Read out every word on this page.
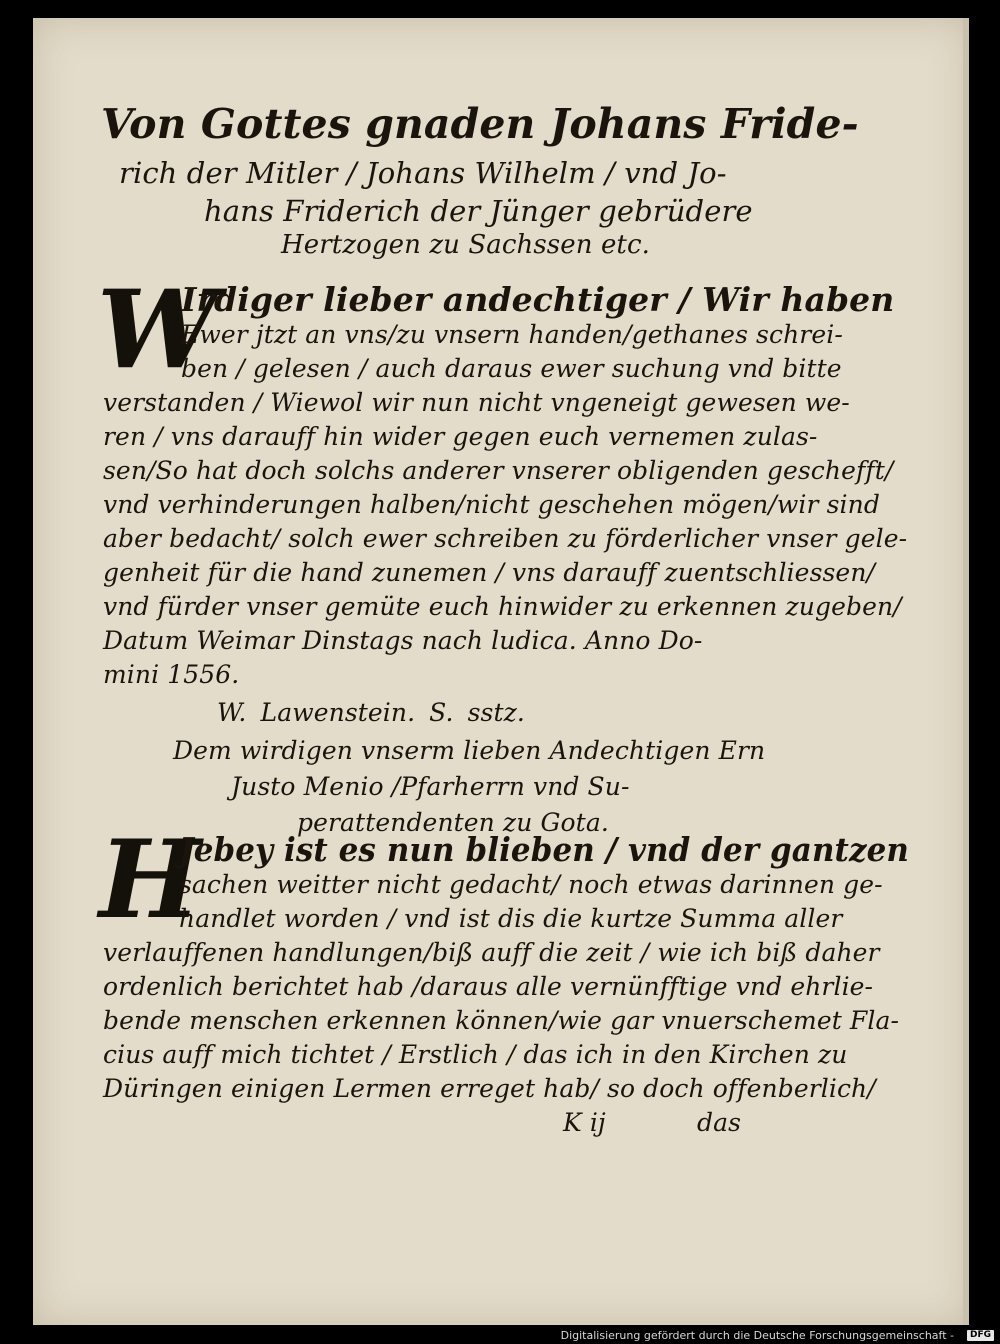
Von Gottes gnaden Johans Fride-
rich der Mitler / Johans Wilhelm / vnd Jo-
hans Friderich der Jünger gebrüdere
Hertzogen zu Sachssen etc.
W
Irdiger lieber andechtiger / Wir haben
Ewer jtzt an vns/zu vnsern handen/gethanes schrei-
ben / gelesen / auch daraus ewer suchung vnd bitte
verstanden / Wiewol wir nun nicht vngeneigt gewesen we-
ren / vns darauff hin wider gegen euch vernemen zulas-
sen/So hat doch solchs anderer vnserer obligenden geschefft/
vnd verhinderungen halben/nicht geschehen mögen/wir sind
aber bedacht/ solch ewer schreiben zu förderlicher vnser gele-
genheit für die hand zunemen / vns darauff zuentschliessen/
vnd fürder vnser gemüte euch hinwider zu erkennen zugeben/
Datum Weimar Dinstags nach ludica. Anno Do-
mini 1556.
W. Lawenstein. S. sstz.
Dem wirdigen vnserm lieben Andechtigen Ern
Justo Menio /Pfarherrn vnd Su-
perattendenten zu Gota.
H
Jebey ist es nun blieben / vnd der gantzen
sachen weitter nicht gedacht/ noch etwas darinnen ge-
handlet worden / vnd ist dis die kurtze Summa aller
verlauffenen handlungen/biß auff die zeit / wie ich biß daher
ordenlich berichtet hab /daraus alle vernünfftige vnd ehrlie-
bende menschen erkennen können/wie gar vnuerschemet Fla-
cius auff mich tichtet / Erstlich / das ich in den Kirchen zu
Düringen einigen Lermen erreget hab/ so doch offenberlich/
K ij	das
Digitalisierung gefördert durch die Deutsche Forschungsgemeinschaft -	DFG
